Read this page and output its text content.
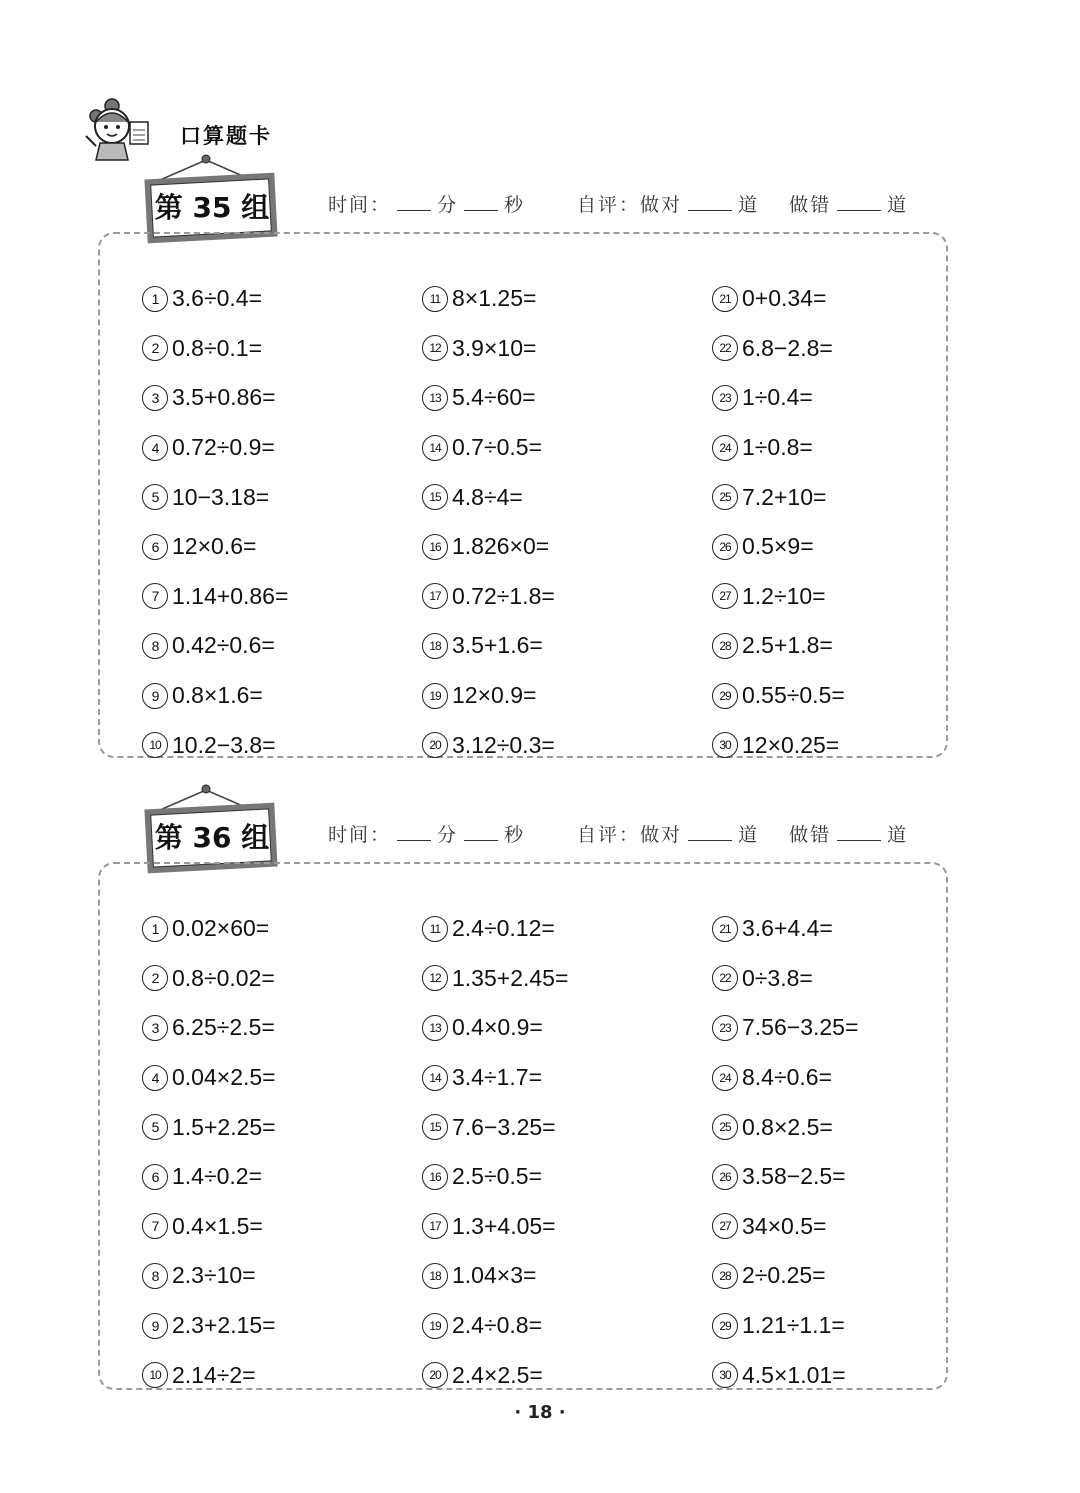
口算题卡
第 35 组	时间： 分 秒	自评：做对	道 做错	道
1 3.6÷0.4=
2 0.8÷0.1=
3 3.5+0.86=
4 0.72÷0.9=
5 10−3.18=
6 12×0.6=
7 1.14+0.86=
8 0.42÷0.6=
9 0.8×1.6=
10 10.2−3.8=
11 8×1.25=
12 3.9×10=
13 5.4÷60=
14 0.7÷0.5=
15 4.8÷4=
16 1.826×0=
17 0.72÷1.8=
18 3.5+1.6=
19 12×0.9=
20 3.12÷0.3=
21 0+0.34=
22 6.8−2.8=
23 1÷0.4=
24 1÷0.8=
25 7.2+10=
26 0.5×9=
27 1.2÷10=
28 2.5+1.8=
29 0.55÷0.5=
30 12×0.25=
第 36 组	时间： 分 秒	自评：做对	道 做错	道
1 0.02×60=
2 0.8÷0.02=
3 6.25÷2.5=
4 0.04×2.5=
5 1.5+2.25=
6 1.4÷0.2=
7 0.4×1.5=
8 2.3÷10=
9 2.3+2.15=
10 2.14÷2=
11 2.4÷0.12=
12 1.35+2.45=
13 0.4×0.9=
14 3.4÷1.7=
15 7.6−3.25=
16 2.5÷0.5=
17 1.3+4.05=
18 1.04×3=
19 2.4÷0.8=
20 2.4×2.5=
21 3.6+4.4=
22 0÷3.8=
23 7.56−3.25=
24 8.4÷0.6=
25 0.8×2.5=
26 3.58−2.5=
27 34×0.5=
28 2÷0.25=
29 1.21÷1.1=
30 4.5×1.01=
· 18 ·
